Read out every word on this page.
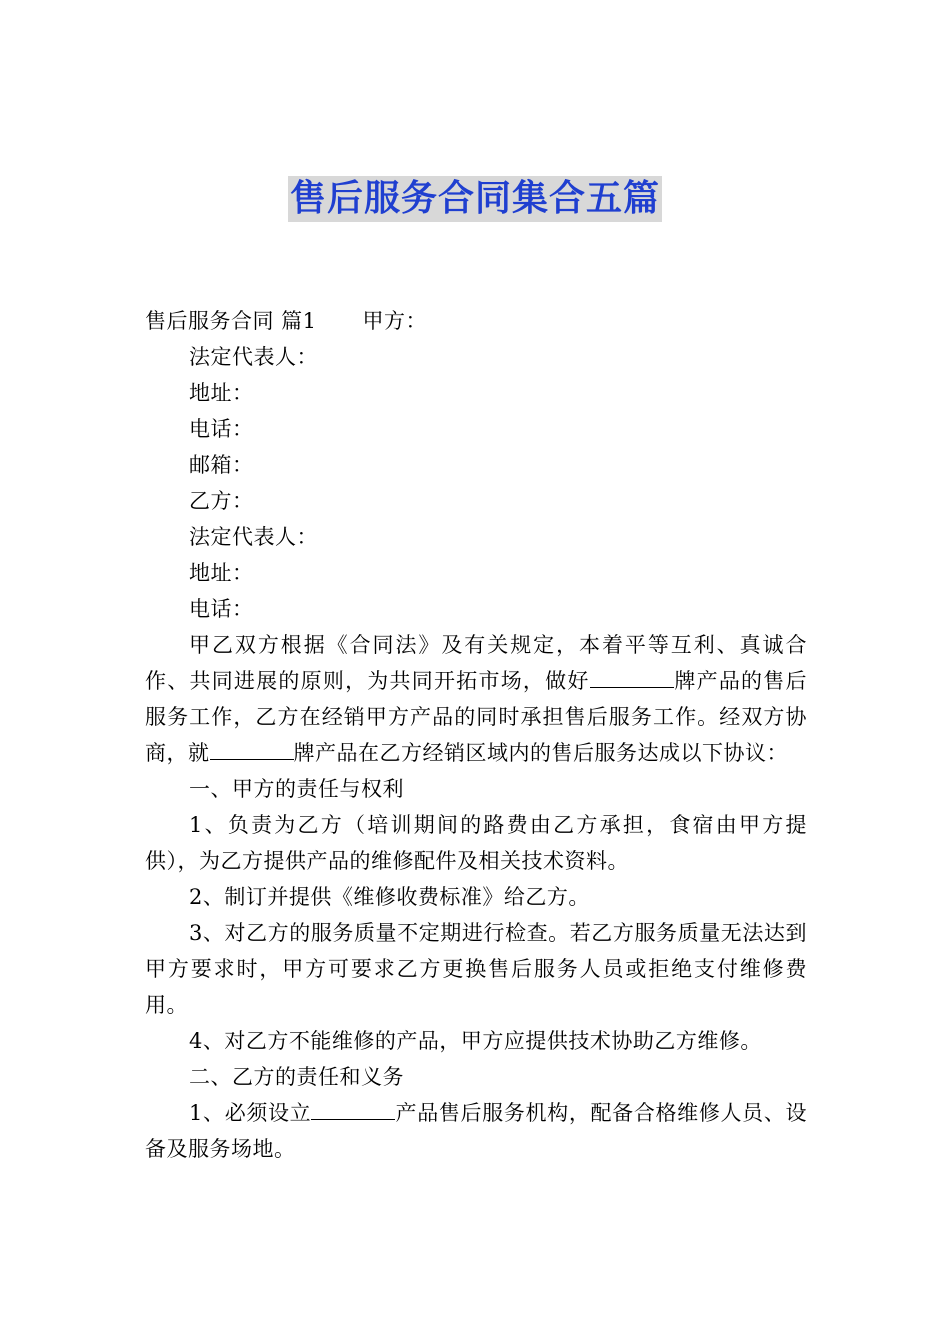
售后服务合同集合五篇

售后服务合同 篇1 甲方：

法定代表人：

地址：

电话：

邮箱：

乙方：

法定代表人：

地址：

电话：

甲乙双方根据《合同法》及有关规定，本着平等互利、真诚合作、共同进展的原则，为共同开拓市场，做好	牌产品的售后服务工作，乙方在经销甲方产品的同时承担售后服务工作。经双方协商，就	牌产品在乙方经销区域内的售后服务达成以下协议：

一、甲方的责任与权利

1、负责为乙方（培训期间的路费由乙方承担，食宿由甲方提供），为乙方提供产品的维修配件及相关技术资料。

2、制订并提供《维修收费标准》给乙方。

3、对乙方的服务质量不定期进行检查。若乙方服务质量无法达到甲方要求时，甲方可要求乙方更换售后服务人员或拒绝支付维修费用。

4、对乙方不能维修的产品，甲方应提供技术协助乙方维修。

二、乙方的责任和义务

1、必须设立	产品售后服务机构，配备合格维修人员、设备及服务场地。
